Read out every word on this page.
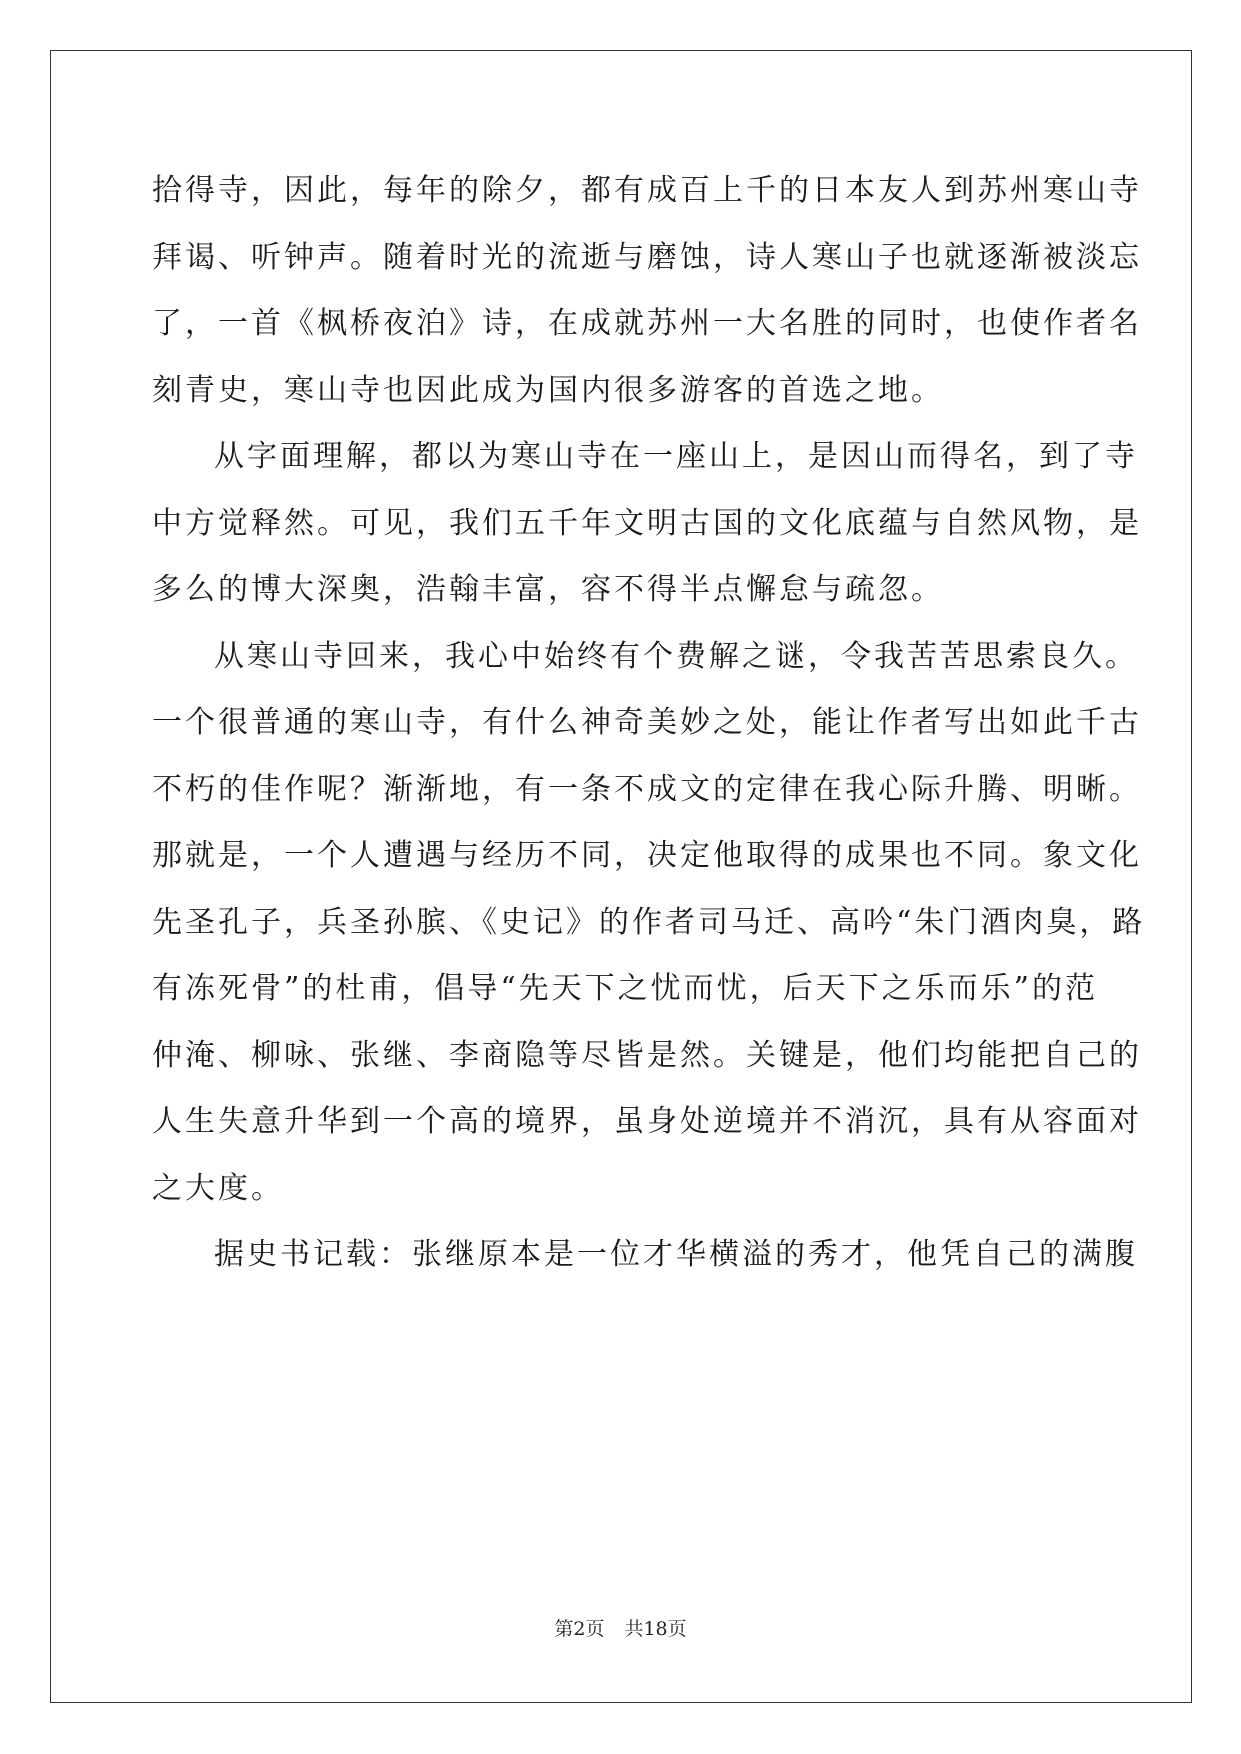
拾得寺，因此，每年的除夕，都有成百上千的日本友人到苏州寒山寺
拜谒、听钟声。随着时光的流逝与磨蚀，诗人寒山子也就逐渐被淡忘
了，一首《枫桥夜泊》诗，在成就苏州一大名胜的同时，也使作者名
刻青史，寒山寺也因此成为国内很多游客的首选之地。

从字面理解，都以为寒山寺在一座山上，是因山而得名，到了寺
中方觉释然。可见，我们五千年文明古国的文化底蕴与自然风物，是
多么的博大深奥，浩翰丰富，容不得半点懈怠与疏忽。

从寒山寺回来，我心中始终有个费解之谜，令我苦苦思索良久。
一个很普通的寒山寺，有什么神奇美妙之处，能让作者写出如此千古
不朽的佳作呢？渐渐地，有一条不成文的定律在我心际升腾、明晰。
那就是，一个人遭遇与经历不同，决定他取得的成果也不同。象文化
先圣孔子，兵圣孙膑、《史记》的作者司马迁、高吟“朱门酒肉臭，路
有冻死骨”的杜甫，倡导“先天下之忧而忧，后天下之乐而乐”的范
仲淹、柳咏、张继、李商隐等尽皆是然。关键是，他们均能把自己的
人生失意升华到一个高的境界，虽身处逆境并不消沉，具有从容面对
之大度。

据史书记载：张继原本是一位才华横溢的秀才，他凭自己的满腹

第2页 共18页
